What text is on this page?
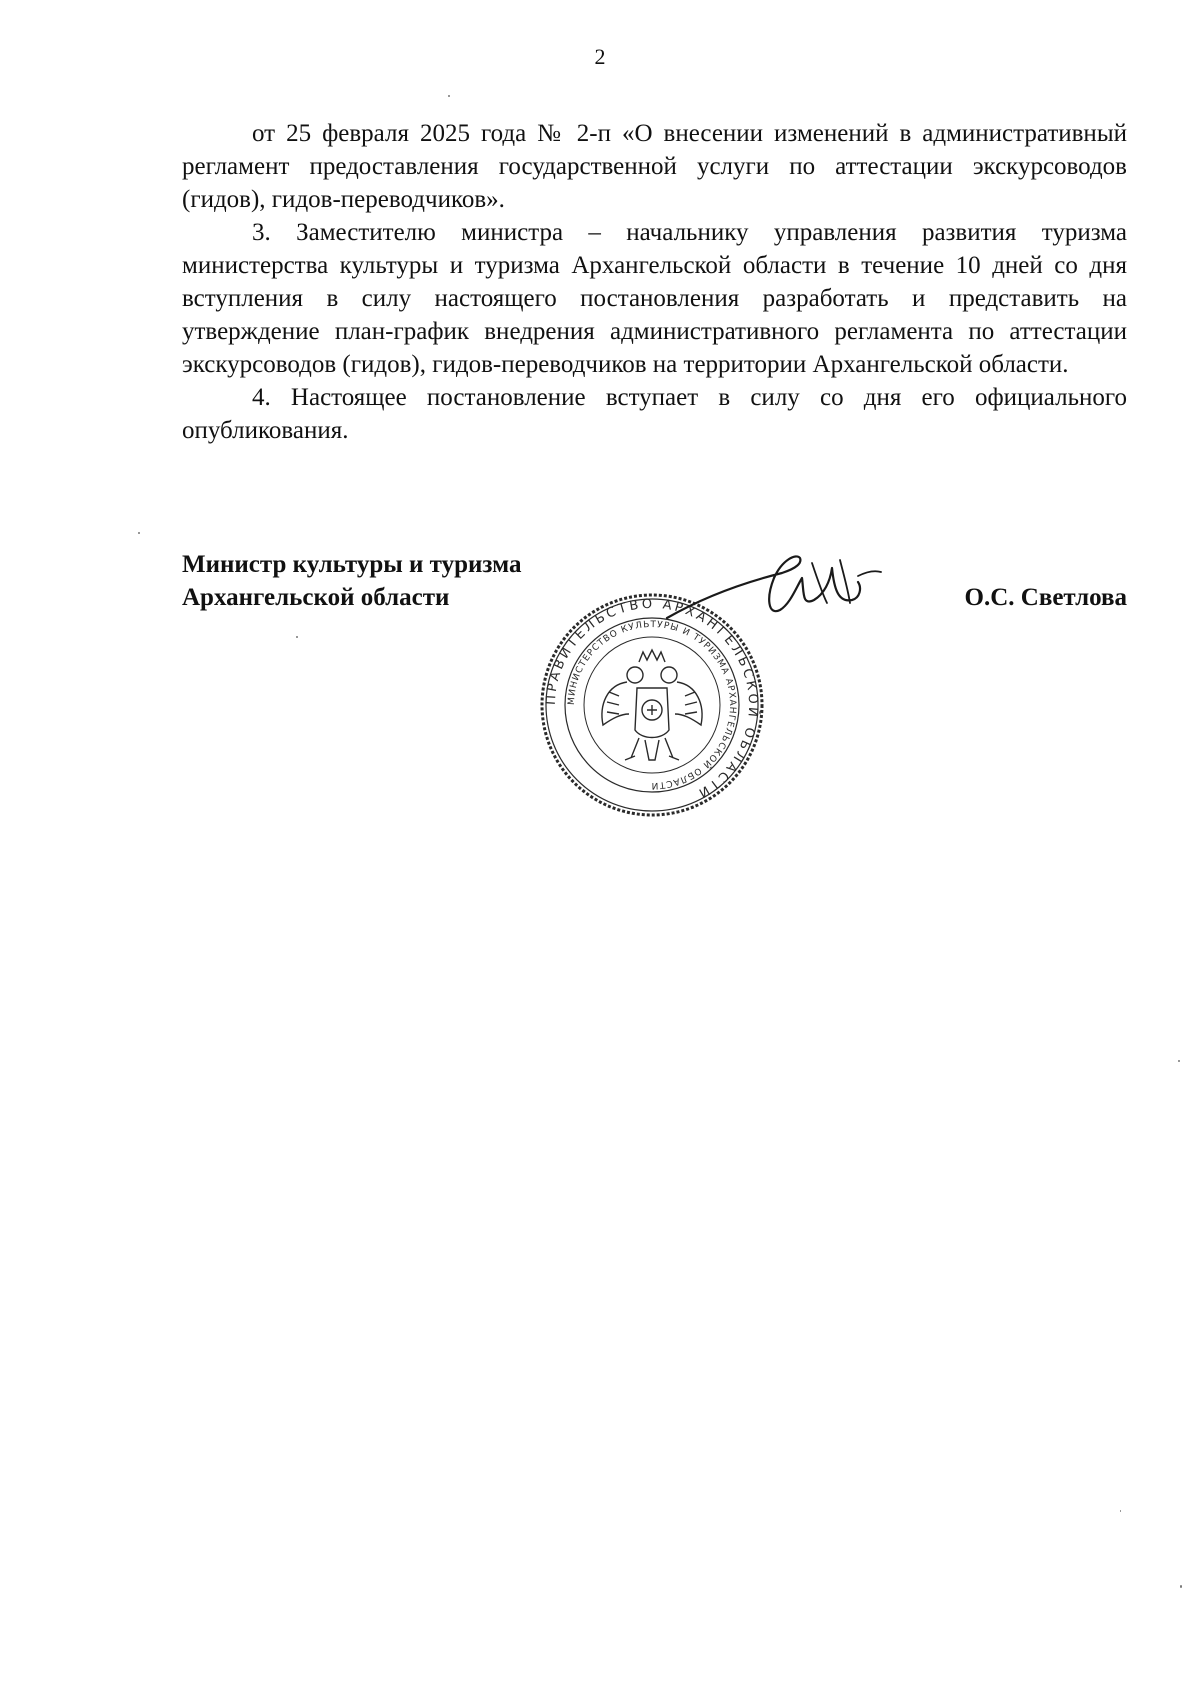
2

от 25 февраля 2025 года № 2-п «О внесении изменений в административный регламент предоставления государственной услуги по аттестации экскурсоводов (гидов), гидов-переводчиков».

3. Заместителю министра – начальнику управления развития туризма министерства культуры и туризма Архангельской области в течение 10 дней со дня вступления в силу настоящего постановления разработать и представить на утверждение план-график внедрения административного регламента по аттестации экскурсоводов (гидов), гидов-переводчиков на территории Архангельской области.

4. Настоящее постановление вступает в силу со дня его официального опубликования.

Министр культуры и туризма
Архангельской области	О.С. Светлова
ПРАВИТЕЛЬСТВО АРХАНГЕЛЬСКОЙ ОБЛАСТИ
МИНИСТЕРСТВО КУЛЬТУРЫ И ТУРИЗМА АРХАНГЕЛЬСКОЙ ОБЛАСТИ
